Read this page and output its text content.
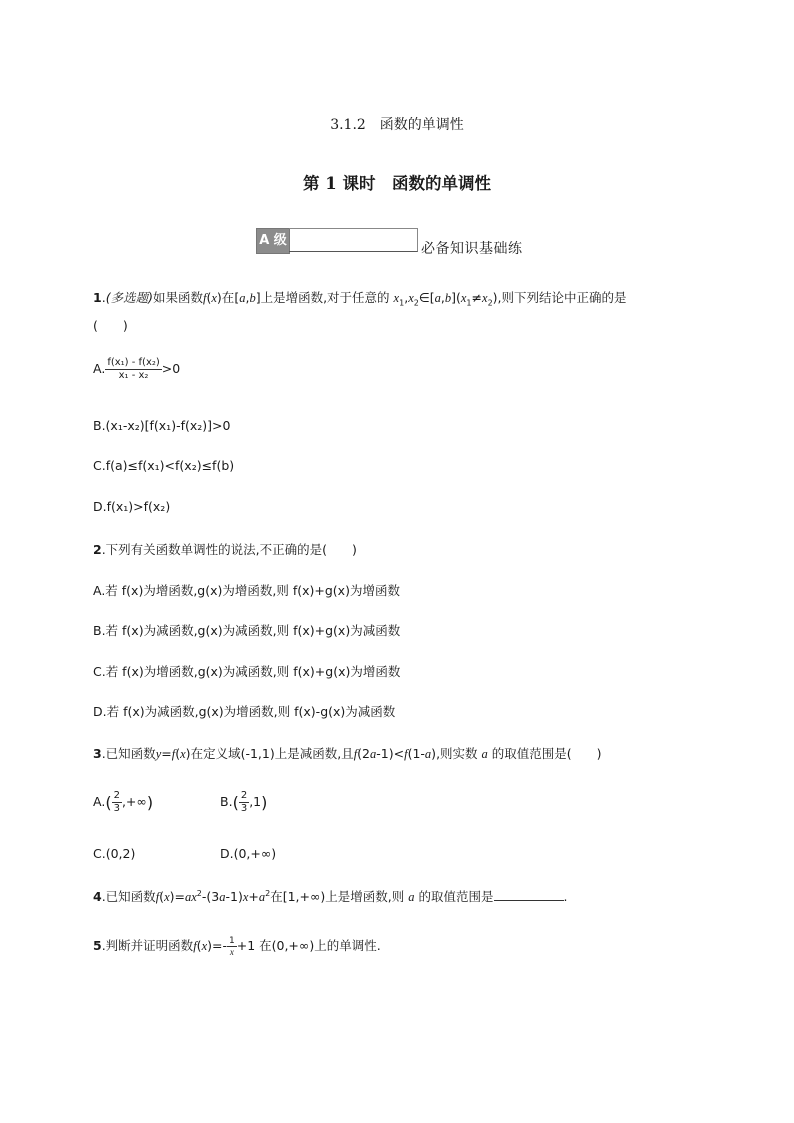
3.1.2　函数的单调性
第 1 课时　函数的单调性
A 级
必备知识基础练
1.(多选题)如果函数f(x)在[a,b]上是增函数,对于任意的 $x_1,x_2\in[a,b](x_1\ne x_2)$,则下列结论中正确的是
(　　)
A. $\frac{\text{f(x₁) - f(x₂)}}{\text{x₁ - x₂}} >0$
B.(x₁-x₂)[f(x₁)-f(x₂)]>0
C.f(a)≤f(x₁)<f(x₂)≤f(b)
D.f(x₁)>f(x₂)
2.下列有关函数单调性的说法,不正确的是(　　)
A.若 f(x)为增函数,g(x)为增函数,则 f(x)+g(x)为增函数
B.若 f(x)为减函数,g(x)为减函数,则 f(x)+g(x)为减函数
C.若 f(x)为增函数,g(x)为减函数,则 f(x)+g(x)为增函数
D.若 f(x)为减函数,g(x)为增函数,则 f(x)-g(x)为减函数
3.已知函数y=f(x)在定义域(-1,1)上是减函数,且f(2a-1)<f(1-a),则实数 a 的取值范围是(　　)
$A.( \frac{2}{3}$ ,+∞)	$B.( \frac{2}{3} ,1)$
C.(0,2)	D.(0,+∞)
4.已知函数$f(x)=ax^2-(3a-1)x+a^2$在[1,+∞)上是增函数,则 a 的取值范围是	.
5.判断并证明函数$f(x)=- \frac{1}{x} +1$ 在(0,+∞)上的单调性.
